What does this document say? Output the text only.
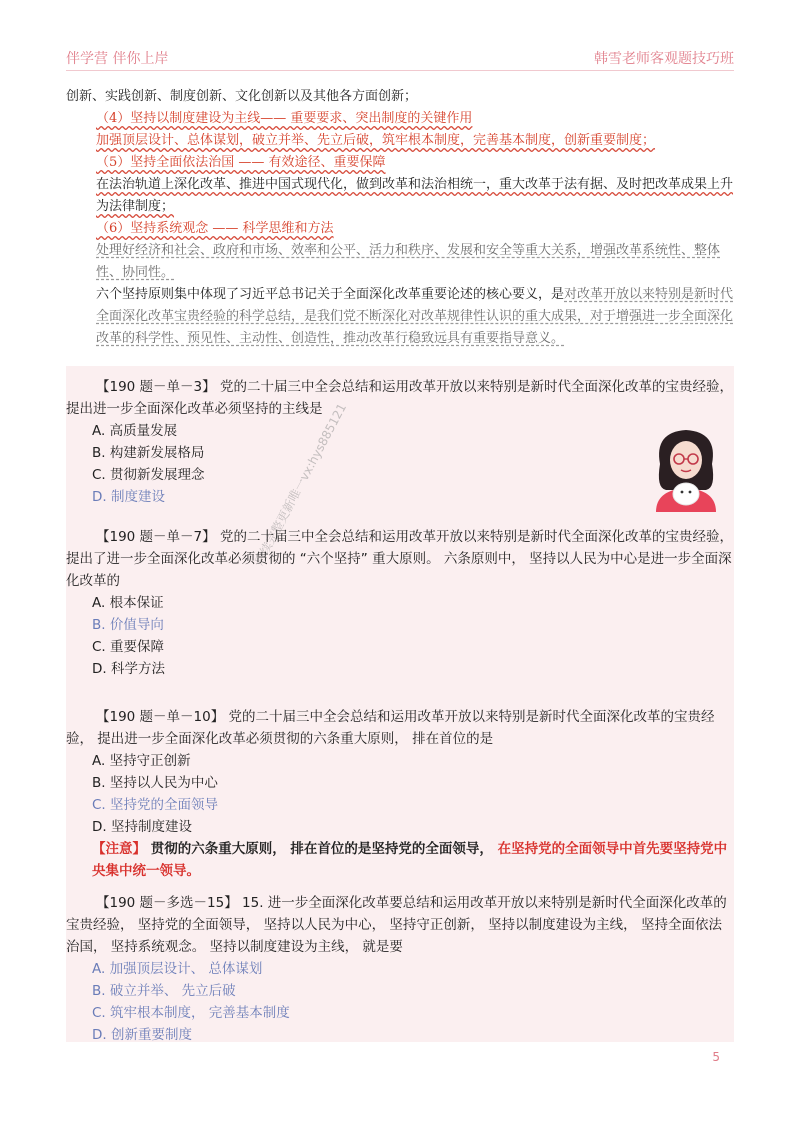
伴学营 伴你上岸	韩雪老师客观题技巧班

创新、实践创新、制度创新、文化创新以及其他各方面创新；

（4）坚持以制度建设为主线—— 重要要求、突出制度的关键作用

加强顶层设计、总体谋划，破立并举、先立后破，筑牢根本制度，完善基本制度，创新重要制度；

（5）坚持全面依法治国 —— 有效途径、重要保障

在法治轨道上深化改革、推进中国式现代化，做到改革和法治相统一，重大改革于法有据、及时把改革成果上升为法律制度；

（6）坚持系统观念 —— 科学思维和方法

处理好经济和社会、政府和市场、效率和公平、活力和秩序、发展和安全等重大关系，增强改革系统性、整体性、协同性。

六个坚持原则集中体现了习近平总书记关于全面深化改革重要论述的核心要义，是对改革开放以来特别是新时代全面深化改革宝贵经验的科学总结，是我们党不断深化对改革规律性认识的重大成果，对于增强进一步全面深化改革的科学性、预见性、主动性、创造性，推动改革行稳致远具有重要指导意义。

【190 题－单－3】 党的二十届三中全会总结和运用改革开放以来特别是新时代全面深化改革的宝贵经验， 提出进一步全面深化改革必须坚持的主线是

A. 高质量发展

B. 构建新发展格局

C. 贯彻新发展理念

D. 制度建设	后续完整更新唯一vx:hys885121

【190 题－单－7】 党的二十届三中全会总结和运用改革开放以来特别是新时代全面深化改革的宝贵经验， 提出了进一步全面深化改革必须贯彻的 “六个坚持” 重大原则。 六条原则中， 坚持以人民为中心是进一步全面深化改革的

A. 根本保证

B. 价值导向

C. 重要保障

D. 科学方法

【190 题－单－10】 党的二十届三中全会总结和运用改革开放以来特别是新时代全面深化改革的宝贵经验， 提出进一步全面深化改革必须贯彻的六条重大原则， 排在首位的是

A. 坚持守正创新

B. 坚持以人民为中心

C. 坚持党的全面领导

D. 坚持制度建设

【注意】 贯彻的六条重大原则， 排在首位的是坚持党的全面领导， 在坚持党的全面领导中首先要坚持党中央集中统一领导。

【190 题－多选－15】 15. 进一步全面深化改革要总结和运用改革开放以来特别是新时代全面深化改革的宝贵经验， 坚持党的全面领导， 坚持以人民为中心， 坚持守正创新， 坚持以制度建设为主线， 坚持全面依法治国， 坚持系统观念。 坚持以制度建设为主线， 就是要

A. 加强顶层设计、 总体谋划

B. 破立并举、 先立后破

C. 筑牢根本制度， 完善基本制度

D. 创新重要制度

5
